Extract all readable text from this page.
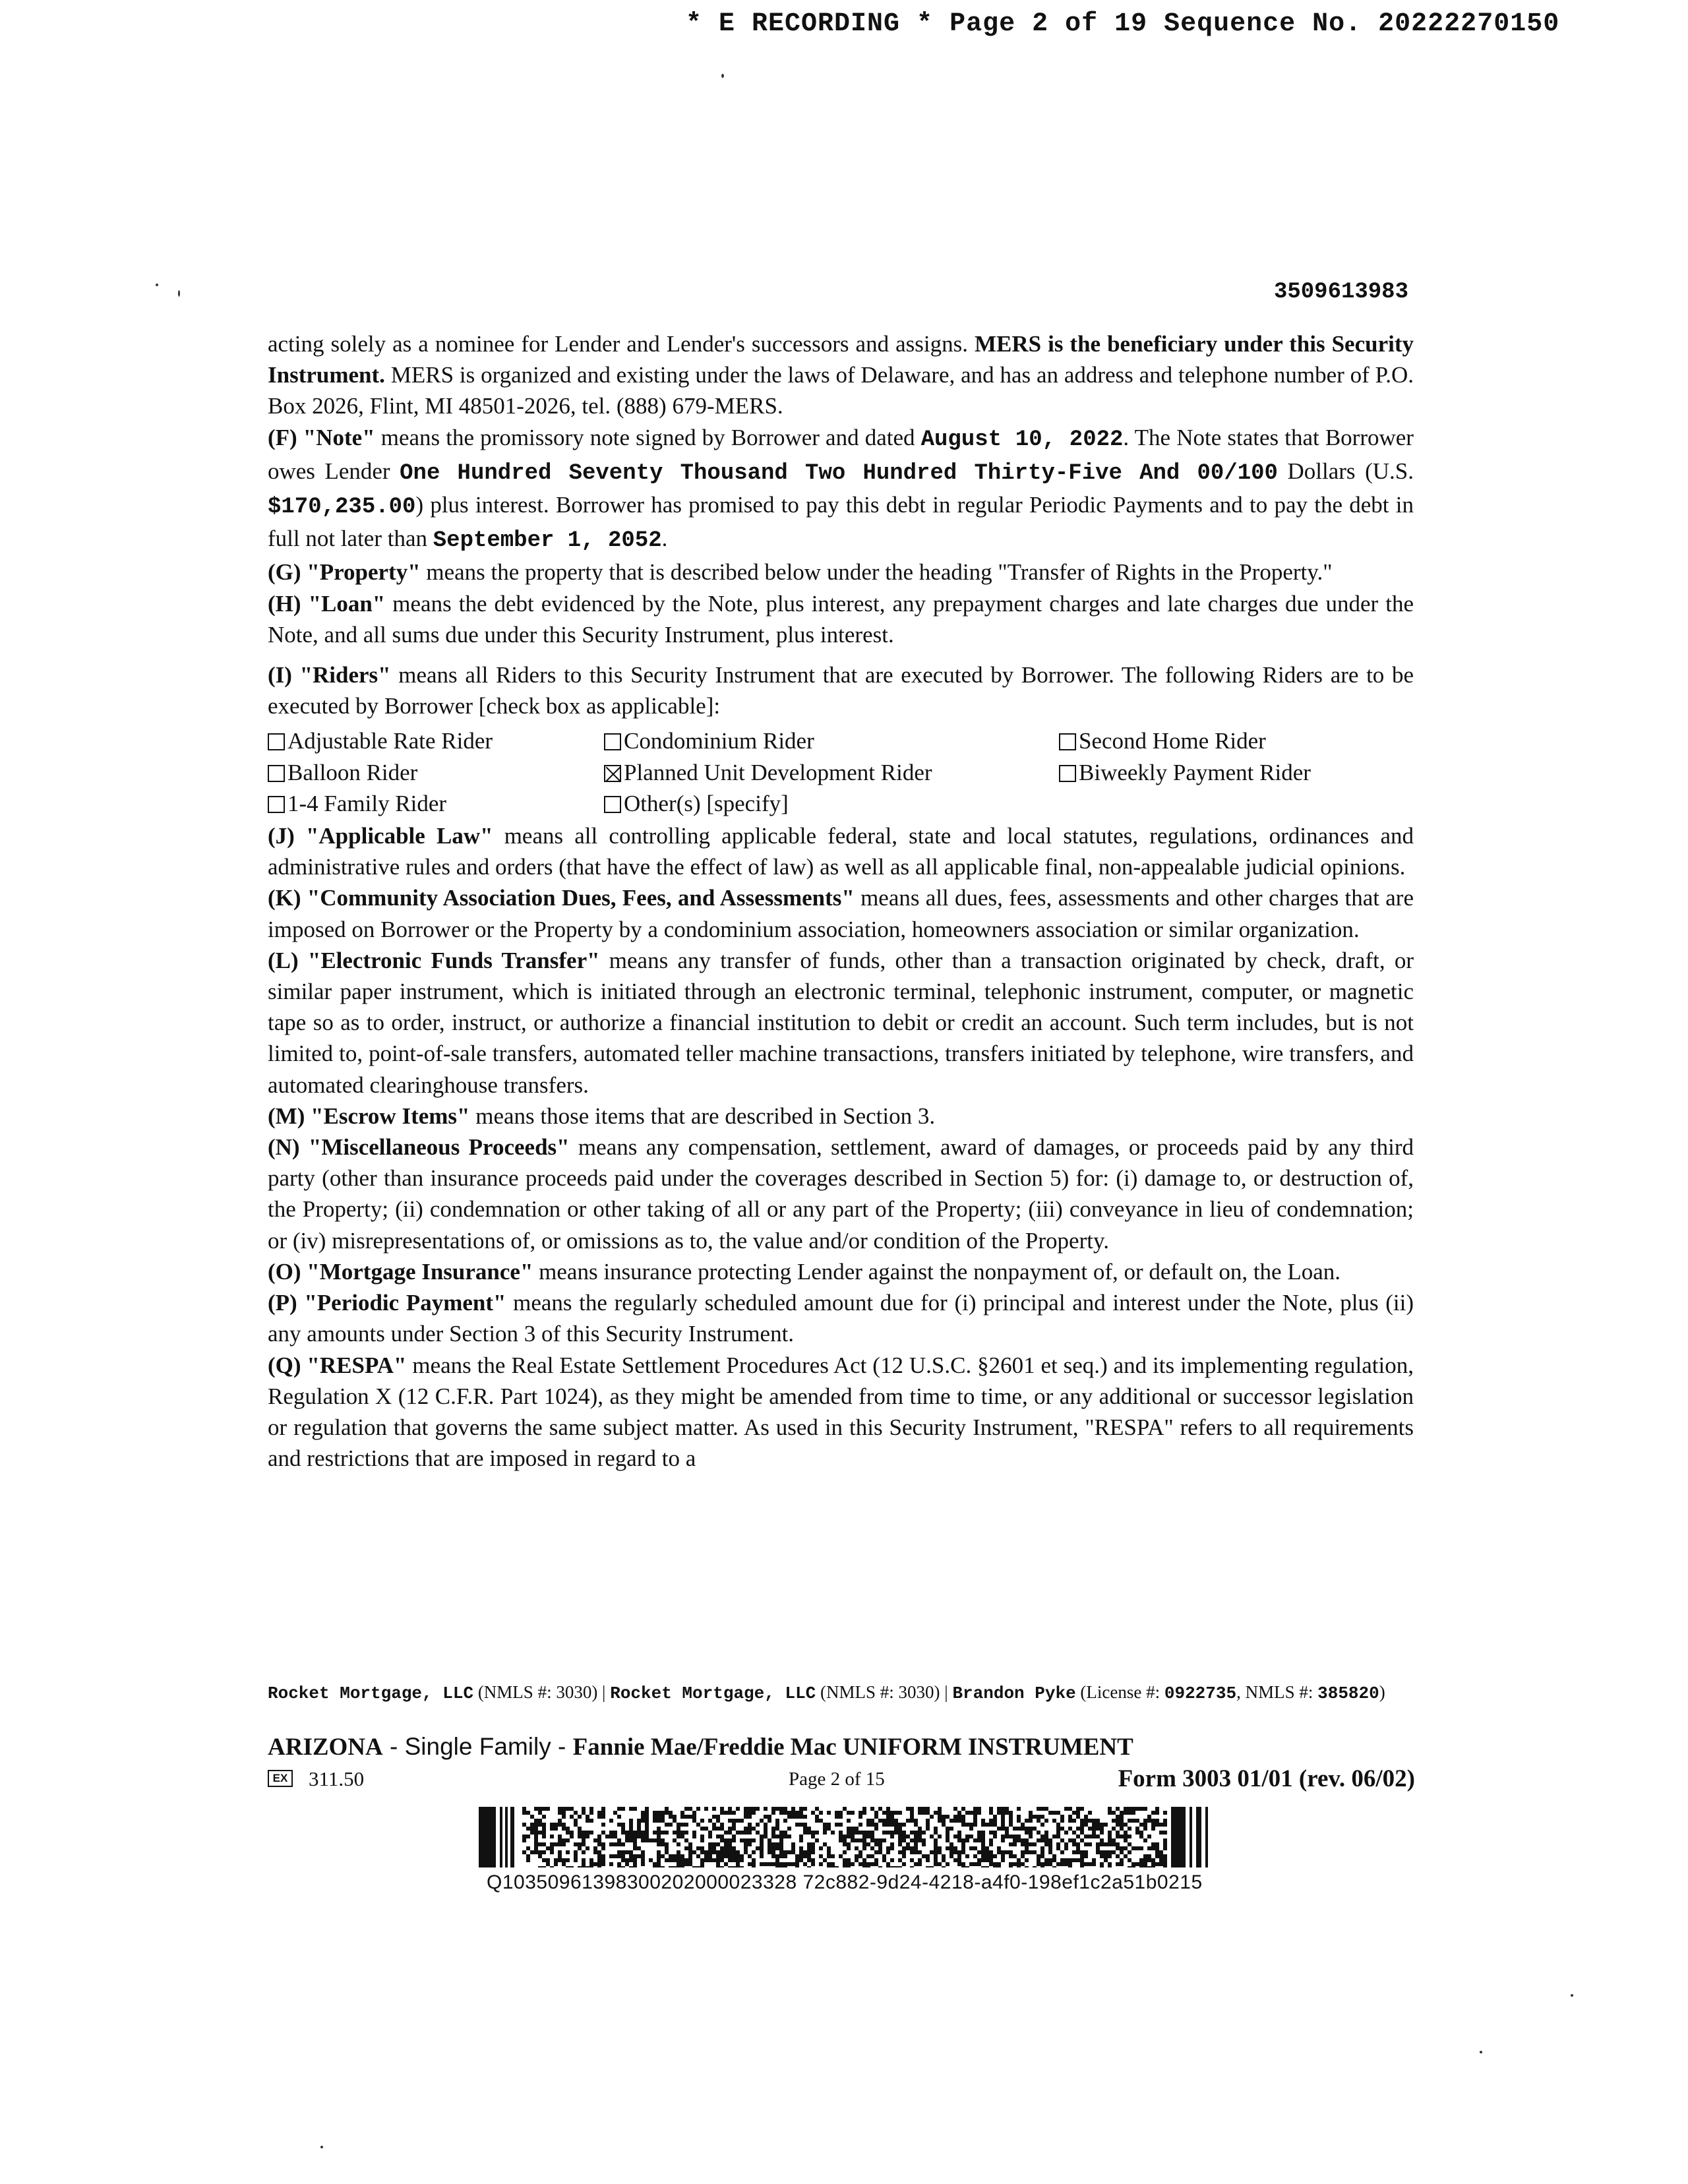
* E RECORDING * Page 2 of 19 Sequence No. 20222270150
3509613983

acting solely as a nominee for Lender and Lender's successors and assigns. MERS is the beneficiary under this Security Instrument. MERS is organized and existing under the laws of Delaware, and has an address and telephone number of P.O. Box 2026, Flint, MI 48501-2026, tel. (888) 679-MERS.

(F) "Note" means the promissory note signed by Borrower and dated August 10, 2022. The Note states that Borrower owes Lender One Hundred Seventy Thousand Two Hundred Thirty-Five And 00/100 Dollars (U.S. $170,235.00) plus interest. Borrower has promised to pay this debt in regular Periodic Payments and to pay the debt in full not later than September 1, 2052.

(G) "Property" means the property that is described below under the heading "Transfer of Rights in the Property."

(H) "Loan" means the debt evidenced by the Note, plus interest, any prepayment charges and late charges due under the Note, and all sums due under this Security Instrument, plus interest.

(I) "Riders" means all Riders to this Security Instrument that are executed by Borrower. The following Riders are to be executed by Borrower [check box as applicable]:

Adjustable Rate Rider	Condominium Rider	Second Home Rider
Balloon Rider	Planned Unit Development Rider	Biweekly Payment Rider
1-4 Family Rider	Other(s) [specify]

(J) "Applicable Law" means all controlling applicable federal, state and local statutes, regulations, ordinances and administrative rules and orders (that have the effect of law) as well as all applicable final, non-appealable judicial opinions.

(K) "Community Association Dues, Fees, and Assessments" means all dues, fees, assessments and other charges that are imposed on Borrower or the Property by a condominium association, homeowners association or similar organization.

(L) "Electronic Funds Transfer" means any transfer of funds, other than a transaction originated by check, draft, or similar paper instrument, which is initiated through an electronic terminal, telephonic instrument, computer, or magnetic tape so as to order, instruct, or authorize a financial institution to debit or credit an account. Such term includes, but is not limited to, point-of-sale transfers, automated teller machine transactions, transfers initiated by telephone, wire transfers, and automated clearinghouse transfers.

(M) "Escrow Items" means those items that are described in Section 3.

(N) "Miscellaneous Proceeds" means any compensation, settlement, award of damages, or proceeds paid by any third party (other than insurance proceeds paid under the coverages described in Section 5) for: (i) damage to, or destruction of, the Property; (ii) condemnation or other taking of all or any part of the Property; (iii) conveyance in lieu of condemnation; or (iv) misrepresentations of, or omissions as to, the value and/or condition of the Property.

(O) "Mortgage Insurance" means insurance protecting Lender against the nonpayment of, or default on, the Loan.

(P) "Periodic Payment" means the regularly scheduled amount due for (i) principal and interest under the Note, plus (ii) any amounts under Section 3 of this Security Instrument.

(Q) "RESPA" means the Real Estate Settlement Procedures Act (12 U.S.C. §2601 et seq.) and its implementing regulation, Regulation X (12 C.F.R. Part 1024), as they might be amended from time to time, or any additional or successor legislation or regulation that governs the same subject matter. As used in this Security Instrument, "RESPA" refers to all requirements and restrictions that are imposed in regard to a

Rocket Mortgage, LLC (NMLS #: 3030) | Rocket Mortgage, LLC (NMLS #: 3030) | Brandon Pyke (License #: 0922735, NMLS #: 385820)
ARIZONA - Single Family - Fannie Mae/Freddie Mac UNIFORM INSTRUMENT
EX 311.50	Page 2 of 15	Form 3003 01/01 (rev. 06/02)
Q10350961398300202000023328 72c882-9d24-4218-a4f0-198ef1c2a51b0215
